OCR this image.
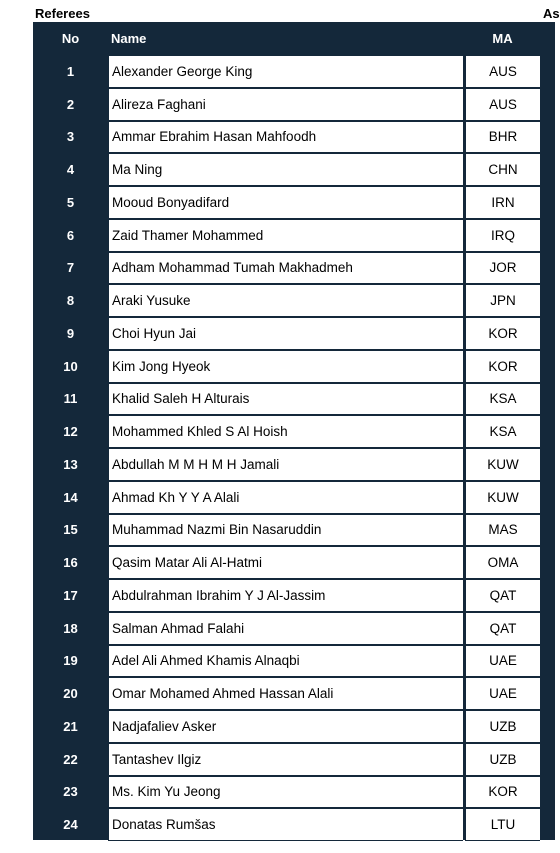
Referees	As
No	Name	MA
1	Alexander George King	AUS
2	Alireza Faghani	AUS
3	Ammar Ebrahim Hasan Mahfoodh	BHR
4	Ma Ning	CHN
5	Mooud Bonyadifard	IRN
6	Zaid Thamer Mohammed	IRQ
7	Adham Mohammad Tumah Makhadmeh	JOR
8	Araki Yusuke	JPN
9	Choi Hyun Jai	KOR
10	Kim Jong Hyeok	KOR
11	Khalid Saleh H Alturais	KSA
12	Mohammed Khled S Al Hoish	KSA
13	Abdullah M M H M H Jamali	KUW
14	Ahmad Kh Y Y A Alali	KUW
15	Muhammad Nazmi Bin Nasaruddin	MAS
16	Qasim Matar Ali Al-Hatmi	OMA
17	Abdulrahman Ibrahim Y J Al-Jassim	QAT
18	Salman Ahmad Falahi	QAT
19	Adel Ali Ahmed Khamis Alnaqbi	UAE
20	Omar Mohamed Ahmed Hassan Alali	UAE
21	Nadjafaliev Asker	UZB
22	Tantashev Ilgiz	UZB
23	Ms. Kim Yu Jeong	KOR
24	Donatas Rumšas	LTU
